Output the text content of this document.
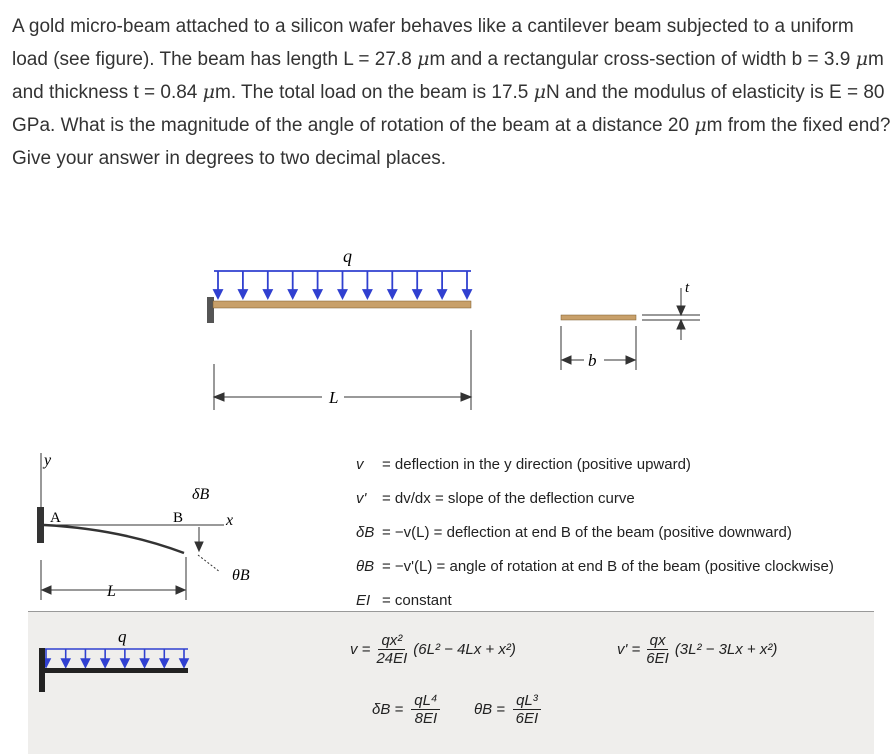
A gold micro-beam attached to a silicon wafer behaves like a cantilever beam subjected to a uniform load (see figure). The beam has length L = 27.8 μm and a rectangular cross-section of width b = 3.9 μm and thickness t = 0.84 μm. The total load on the beam is 17.5 μN and the modulus of elasticity is E = 80 GPa. What is the magnitude of the angle of rotation of the beam at a distance 20 μm from the fixed end? Give your answer in degrees to two decimal places.

q
L
b
t
y
x
A	B
δB
θB
L
v = deflection in the y direction (positive upward)
v' = dv/dx = slope of the deflection curve
δB = −v(L) = deflection at end B of the beam (positive downward)
θB = −v'(L) = angle of rotation at end B of the beam (positive clockwise)
EI = constant
q
$v = \frac{\text{qx²}}{24EI} (6L^2 - 4Lx + x^2)$	$v' = \frac{qx}{6EI} (3L^2 - 3Lx + x^2)$
$\delta B = \frac{\text{qL⁴}}{8EI}$ $\theta B = \frac{\text{qL³}}{6EI}$
